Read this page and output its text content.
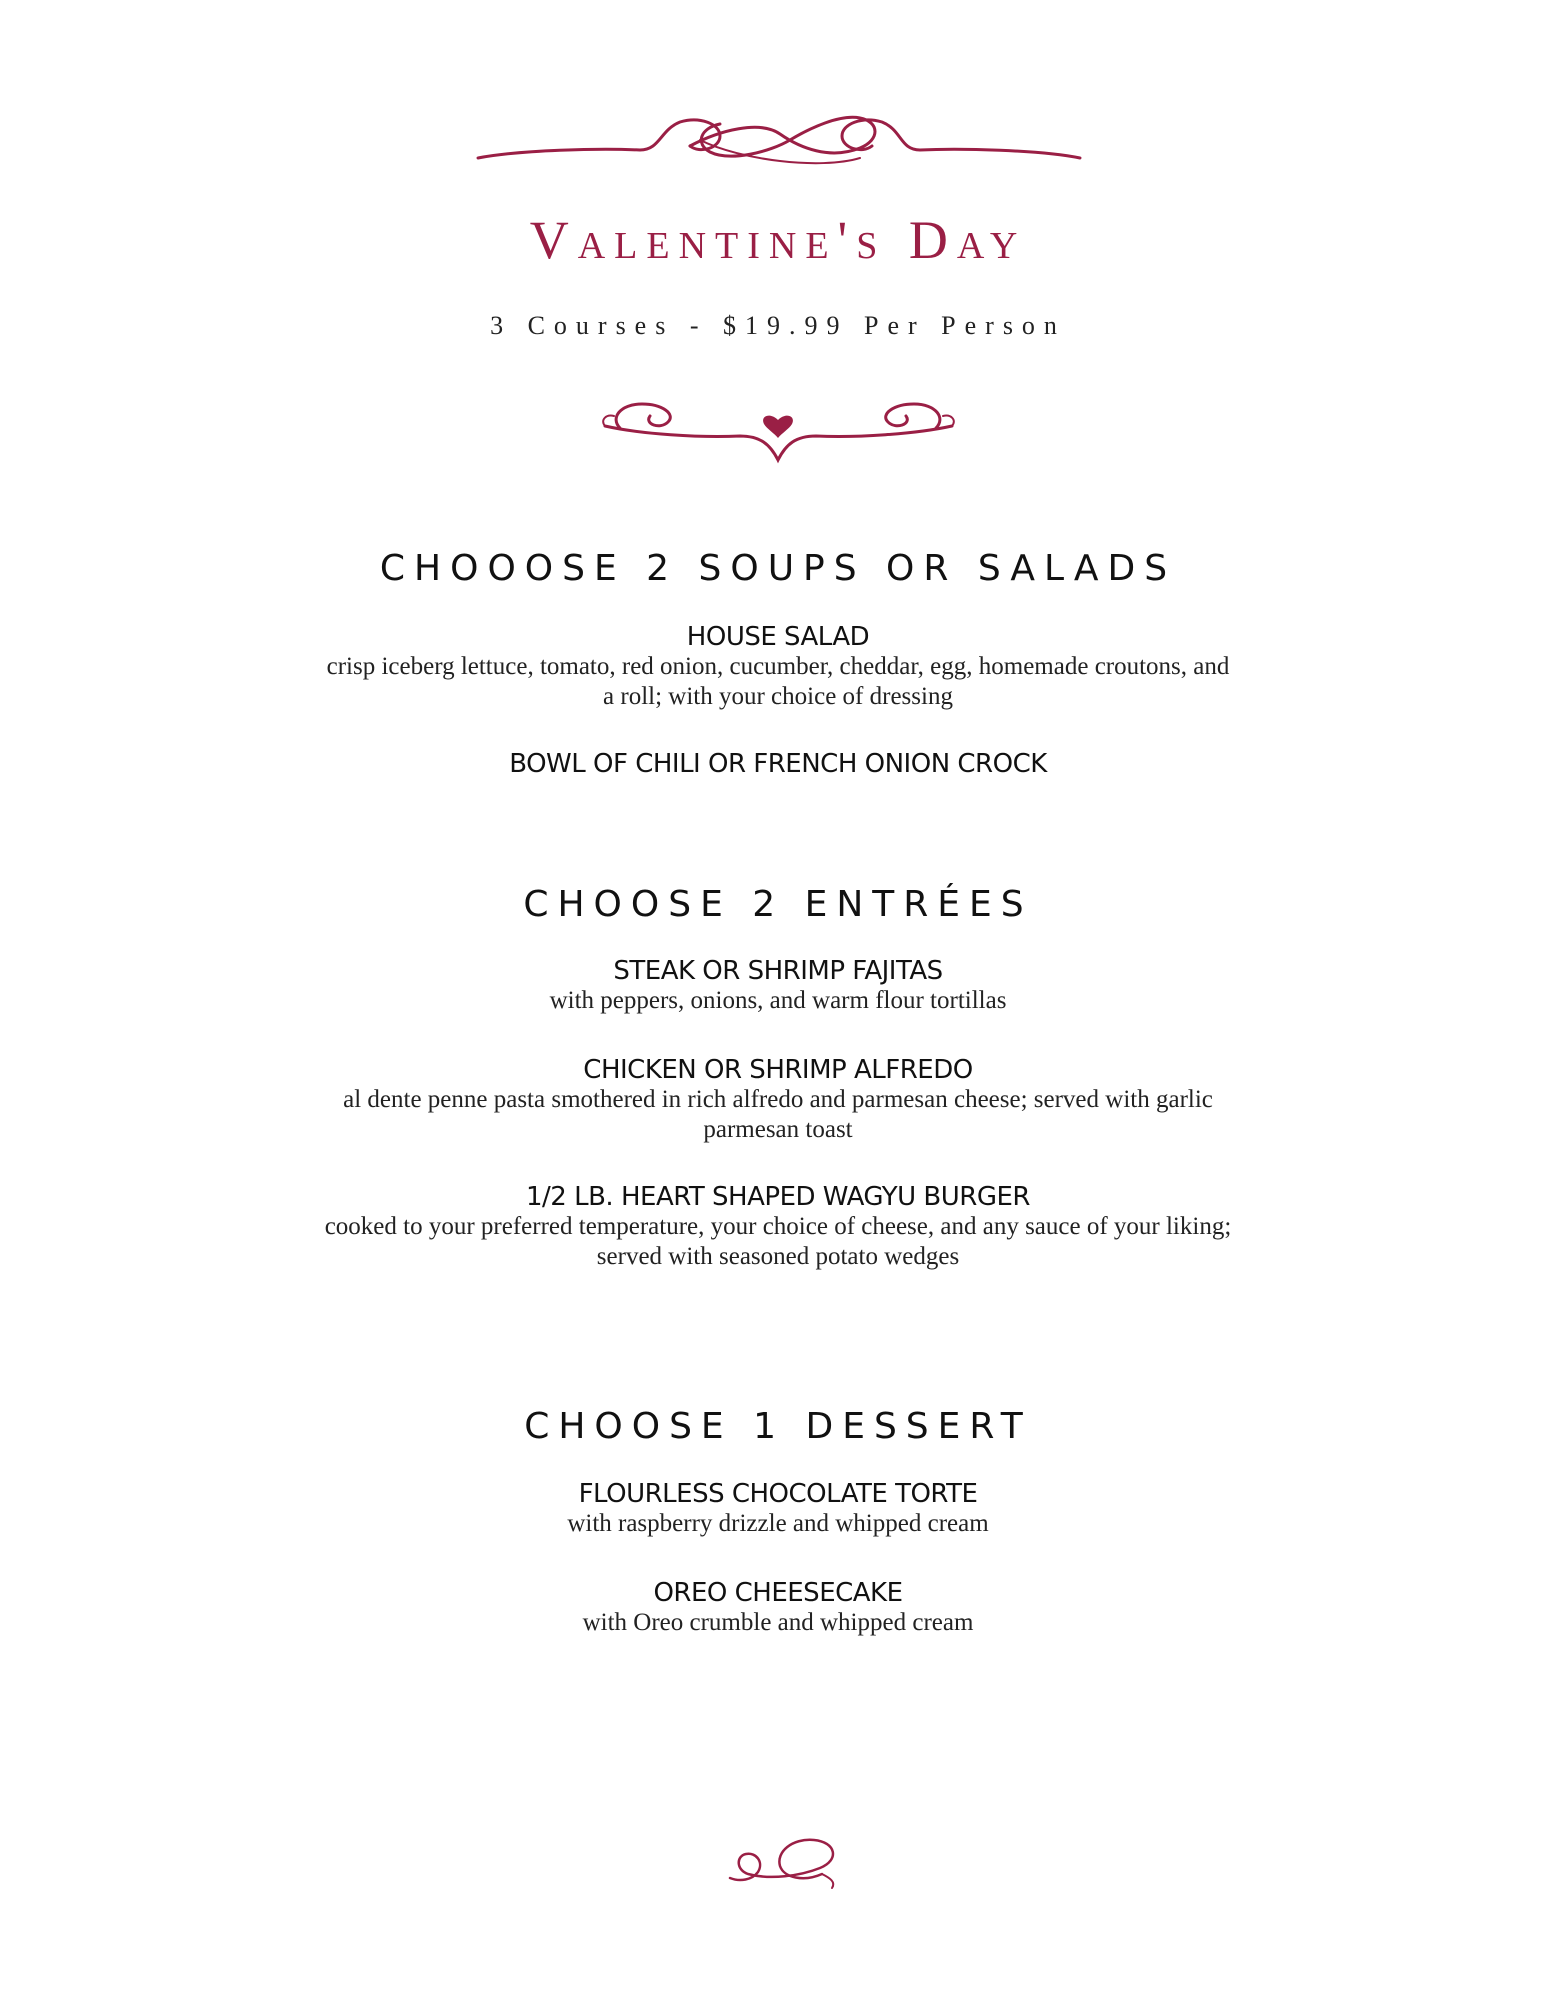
Valentine's Day
3 Courses - $19.99 Per Person
CHOOOSE 2 SOUPS OR SALADS
HOUSE SALAD
crisp iceberg lettuce, tomato, red onion, cucumber, cheddar, egg, homemade croutons, and a roll; with your choice of dressing
BOWL OF CHILI OR FRENCH ONION CROCK
CHOOSE 2 ENTRÉES
STEAK OR SHRIMP FAJITAS
with peppers, onions, and warm flour tortillas
CHICKEN OR SHRIMP ALFREDO
al dente penne pasta smothered in rich alfredo and parmesan cheese; served with garlic parmesan toast
1/2 LB. HEART SHAPED WAGYU BURGER
cooked to your preferred temperature, your choice of cheese, and any sauce of your liking; served with seasoned potato wedges
CHOOSE 1 DESSERT
FLOURLESS CHOCOLATE TORTE
with raspberry drizzle and whipped cream
OREO CHEESECAKE
with Oreo crumble and whipped cream
